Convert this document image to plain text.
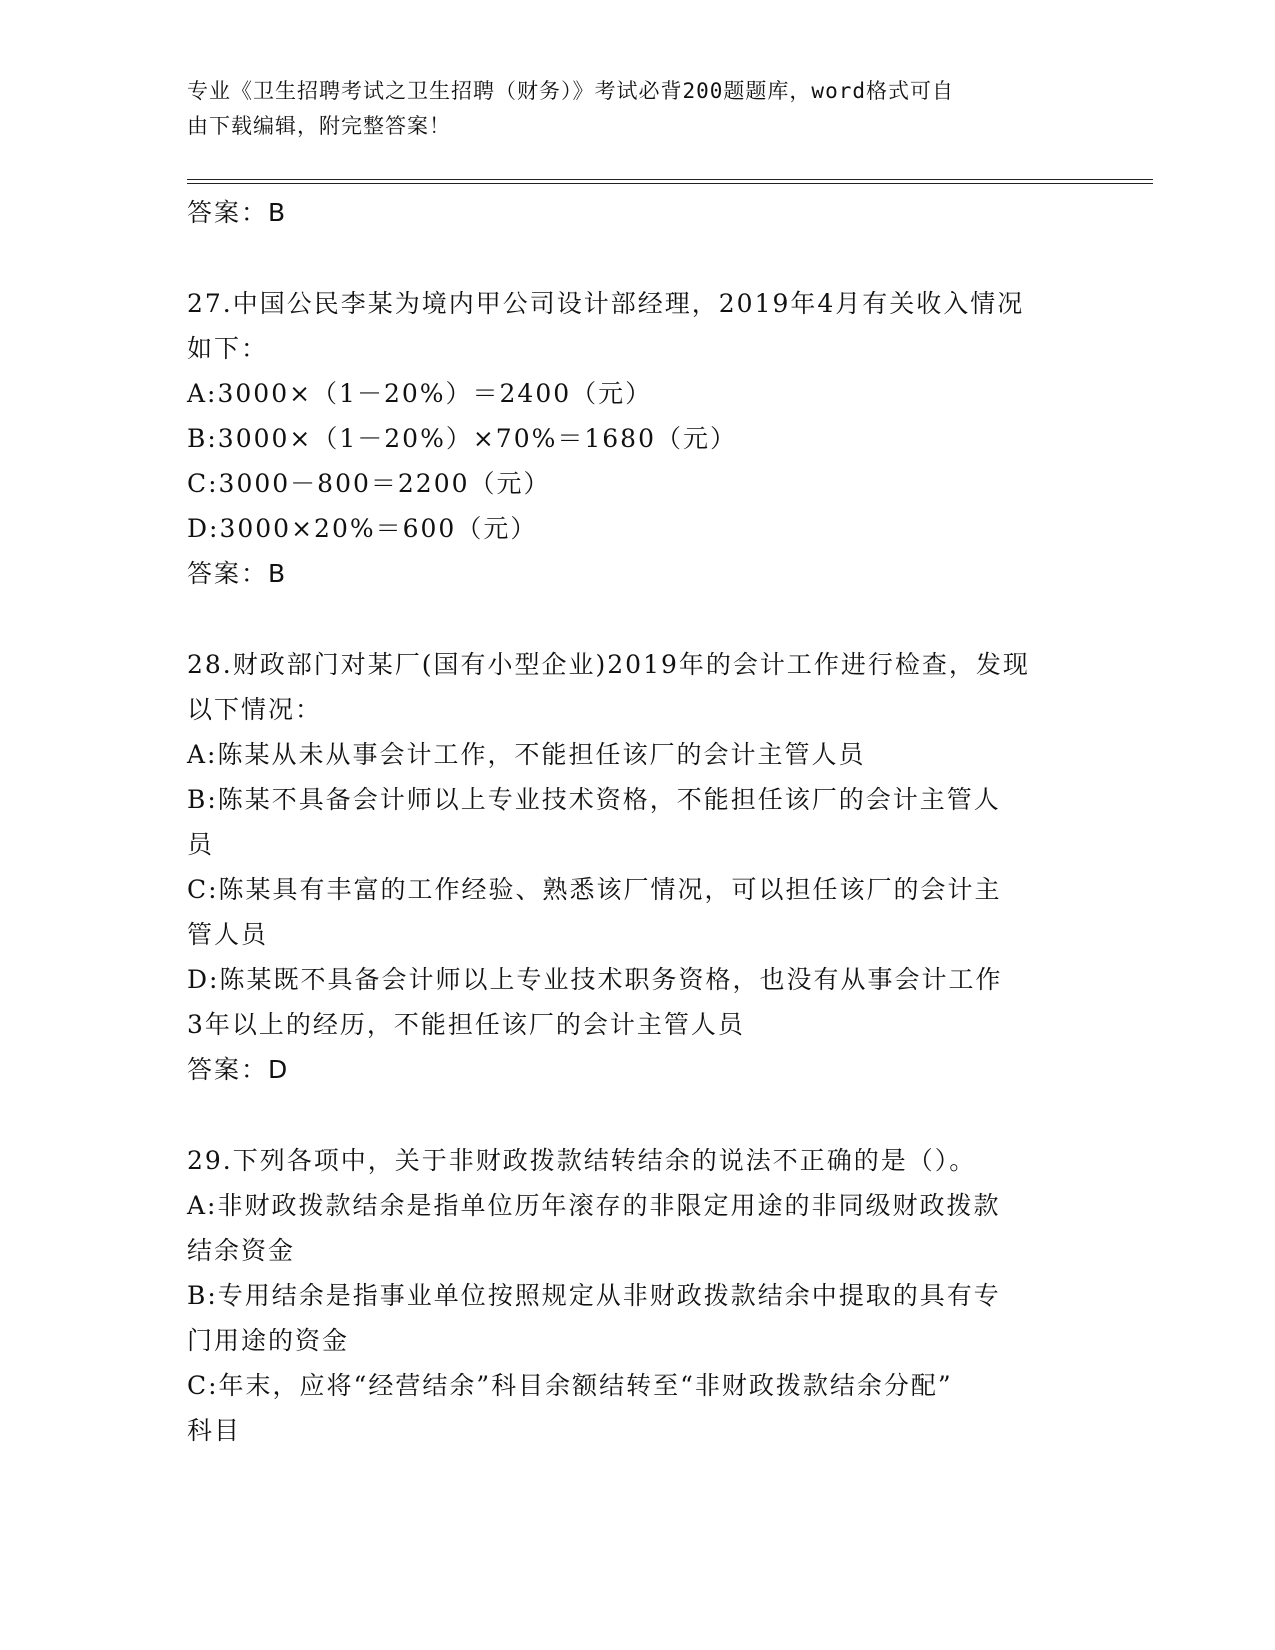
专业《卫生招聘考试之卫生招聘（财务）》考试必背200题题库，word格式可自
由下载编辑，附完整答案！
答案：B
27.中国公民李某为境内甲公司设计部经理，2019年4月有关收入情况
如下：
A:3000×（1－20%）＝2400（元）
B:3000×（1－20%）×70%＝1680（元）
C:3000－800＝2200（元）
D:3000×20%＝600（元）
答案：B
28.财政部门对某厂(国有小型企业)2019年的会计工作进行检查，发现
以下情况：
A:陈某从未从事会计工作，不能担任该厂的会计主管人员
B:陈某不具备会计师以上专业技术资格，不能担任该厂的会计主管人
员
C:陈某具有丰富的工作经验、熟悉该厂情况，可以担任该厂的会计主
管人员
D:陈某既不具备会计师以上专业技术职务资格，也没有从事会计工作
3年以上的经历，不能担任该厂的会计主管人员
答案：D
29.下列各项中，关于非财政拨款结转结余的说法不正确的是（）。
A:非财政拨款结余是指单位历年滚存的非限定用途的非同级财政拨款
结余资金
B:专用结余是指事业单位按照规定从非财政拨款结余中提取的具有专
门用途的资金
C:年末，应将“经营结余”科目余额结转至“非财政拨款结余分配”
科目
